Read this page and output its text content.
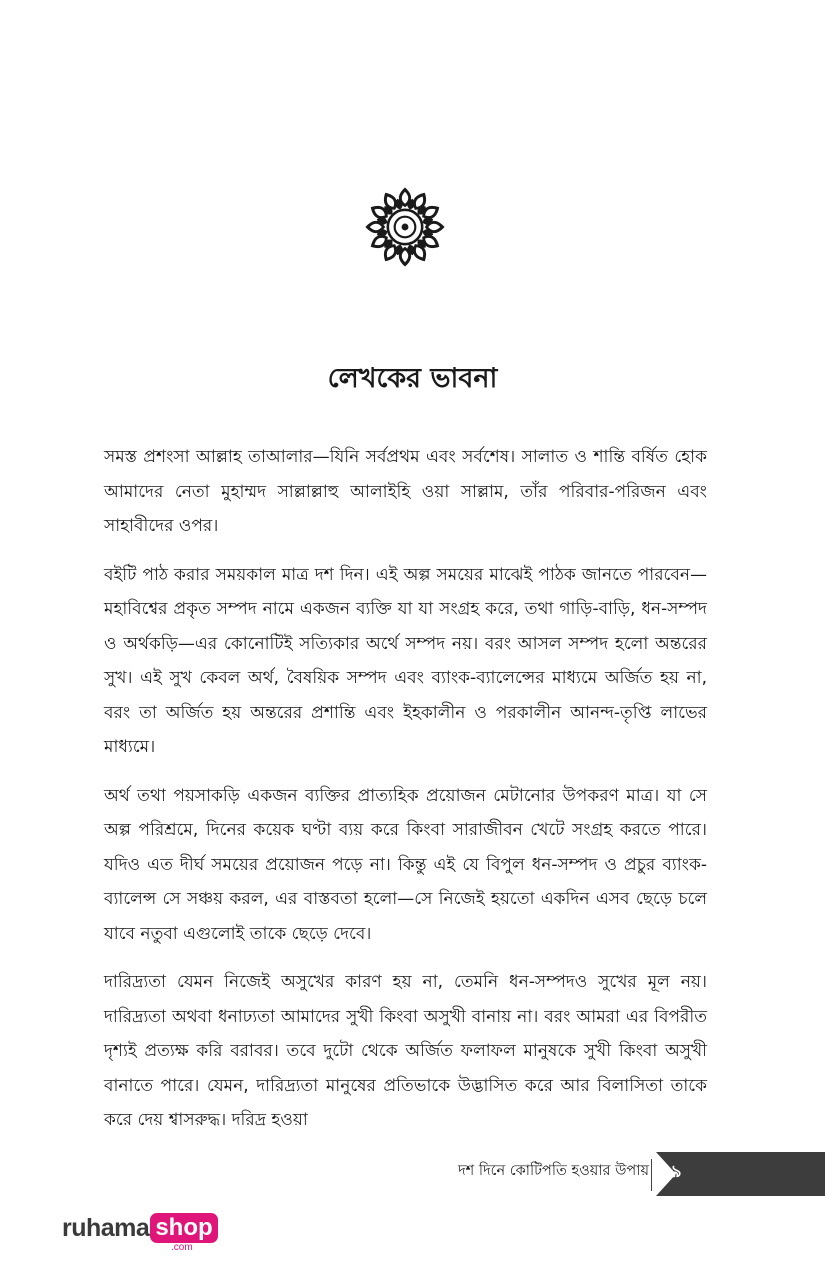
লেখকের ভাবনা

সমস্ত প্রশংসা আল্লাহ তাআলার—যিনি সর্বপ্রথম এবং সর্বশেষ। সালাত ও শান্তি বর্ষিত হোক আমাদের নেতা মুহাম্মদ সাল্লাল্লাহু আলাইহি ওয়া সাল্লাম, তাঁর পরিবার-পরিজন এবং সাহাবীদের ওপর।

বইটি পাঠ করার সময়কাল মাত্র দশ দিন। এই অল্প সময়ের মাঝেই পাঠক জানতে পারবেন—মহাবিশ্বের প্রকৃত সম্পদ নামে একজন ব্যক্তি যা যা সংগ্রহ করে, তথা গাড়ি-বাড়ি, ধন-সম্পদ ও অর্থকড়ি—এর কোনোটিই সত্যিকার অর্থে সম্পদ নয়। বরং আসল সম্পদ হলো অন্তরের সুখ। এই সুখ কেবল অর্থ, বৈষয়িক সম্পদ এবং ব্যাংক-ব্যালেন্সের মাধ্যমে অর্জিত হয় না, বরং তা অর্জিত হয় অন্তরের প্রশান্তি এবং ইহকালীন ও পরকালীন আনন্দ-তৃপ্তি লাভের মাধ্যমে।

অর্থ তথা পয়সাকড়ি একজন ব্যক্তির প্রাত্যহিক প্রয়োজন মেটানোর উপকরণ মাত্র। যা সে অল্প পরিশ্রমে, দিনের কয়েক ঘণ্টা ব্যয় করে কিংবা সারাজীবন খেটে সংগ্রহ করতে পারে। যদিও এত দীর্ঘ সময়ের প্রয়োজন পড়ে না। কিন্তু এই যে বিপুল ধন-সম্পদ ও প্রচুর ব্যাংক-ব্যালেন্স সে সঞ্চয় করল, এর বাস্তবতা হলো—সে নিজেই হয়তো একদিন এসব ছেড়ে চলে যাবে নতুবা এগুলোই তাকে ছেড়ে দেবে।

দারিদ্র্যতা যেমন নিজেই অসুখের কারণ হয় না, তেমনি ধন-সম্পদও সুখের মূল নয়। দারিদ্র্যতা অথবা ধনাঢ্যতা আমাদের সুখী কিংবা অসুখী বানায় না। বরং আমরা এর বিপরীত দৃশ্যই প্রত্যক্ষ করি বরাবর। তবে দুটো থেকে অর্জিত ফলাফল মানুষকে সুখী কিংবা অসুখী বানাতে পারে। যেমন, দারিদ্র্যতা মানুষের প্রতিভাকে উদ্ভাসিত করে আর বিলাসিতা তাকে করে দেয় শ্বাসরুদ্ধ। দরিদ্র হওয়া

দশ দিনে কোটিপতি হওয়ার উপায়	৯
ruhama shop
.com
